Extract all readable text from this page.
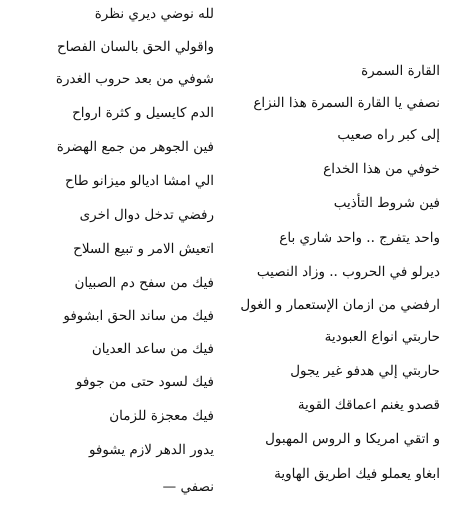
لله نوضي ديري نظرة
واقولي الحق بالسان الفصاح
شوفي من بعد حروب الغدرة
الدم كايسيل و كثرة ارواح
فين الجوهر من جمع الهضرة
الي امشا اديالو ميزانو طاح
رفضي تدخل دوال اخرى
اتعيش الامر و تبيع السلاح
فيك من سفح دم الصبيان
فيك من ساند الحق ابشوفو
فيك من ساعد العديان
فيك لسود حتى من جوفو
فيك معجزة للزمان
يدور الدهر لازم يشوفو
نصفي —
القارة السمرة
نصفي يا القارة السمرة هذا النزاع
إلى كبر راه صعيب
خوفي من هذا الخداع
فين شروط التأذيب
واحد يتفرج .. واحد شاري باع
ديرلو في الحروب .. وزاد النصيب
ارفضي من ازمان الإستعمار و الغول
حاربتي انواع العبودية
حاربتي إلي هدفو غير يجول
قصدو يغنم اعماقك القوية
و اتقي امريكا و الروس المهبول
ابغاو يعملو فيك اطريق الهاوية
